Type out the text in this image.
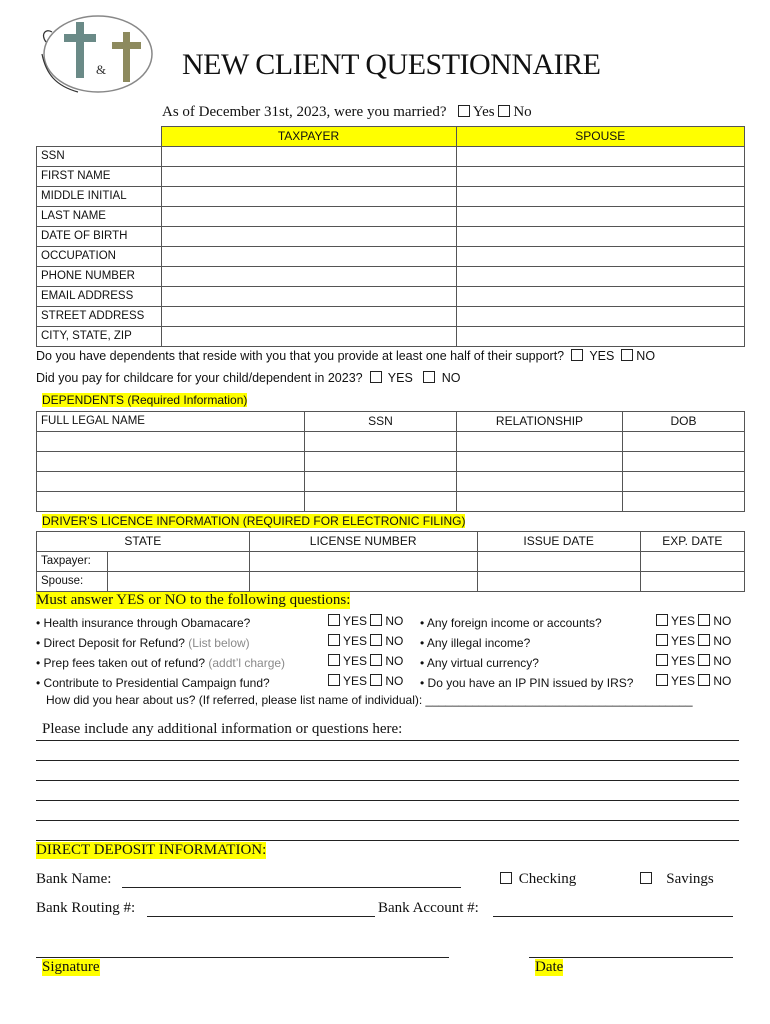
&	NEW CLIENT QUESTIONNAIRE
As of December 31st, 2023, were you married? Yes No
	TAXPAYER	SPOUSE
SSN		
FIRST NAME		
MIDDLE INITIAL		
LAST NAME		
DATE OF BIRTH		
OCCUPATION		
PHONE NUMBER		
EMAIL ADDRESS		
STREET ADDRESS		
CITY, STATE, ZIP		
Do you have dependents that reside with you that you provide at least one half of their support? YES NO
Did you pay for childcare for your child/dependent in 2023? YES NO
DEPENDENTS (Required Information)
FULL LEGAL NAME	SSN	RELATIONSHIP	DOB

DRIVER'S LICENCE INFORMATION (REQUIRED FOR ELECTRONIC FILING)
STATE		LICENSE NUMBER	ISSUE DATE	EXP. DATE
Taxpayer:				
Spouse:				
Must answer YES or NO to the following questions:
• Health insurance through Obamacare?
• Direct Deposit for Refund? (List below)
• Prep fees taken out of refund? (addt’l charge)
• Contribute to Presidential Campaign fund?
YES NO
YES NO
YES NO
YES NO
• Any foreign income or accounts?
• Any illegal income?
• Any virtual currency?
• Do you have an IP PIN issued by IRS?
YES NO
YES NO
YES NO
YES NO
How did you hear about us? (If referred, please list name of individual): ________________________________________
Please include any additional information or questions here:
DIRECT DEPOSIT INFORMATION:
Bank Name:	Checking	Savings
Bank Routing #:	Bank Account #:
Signature	Date
